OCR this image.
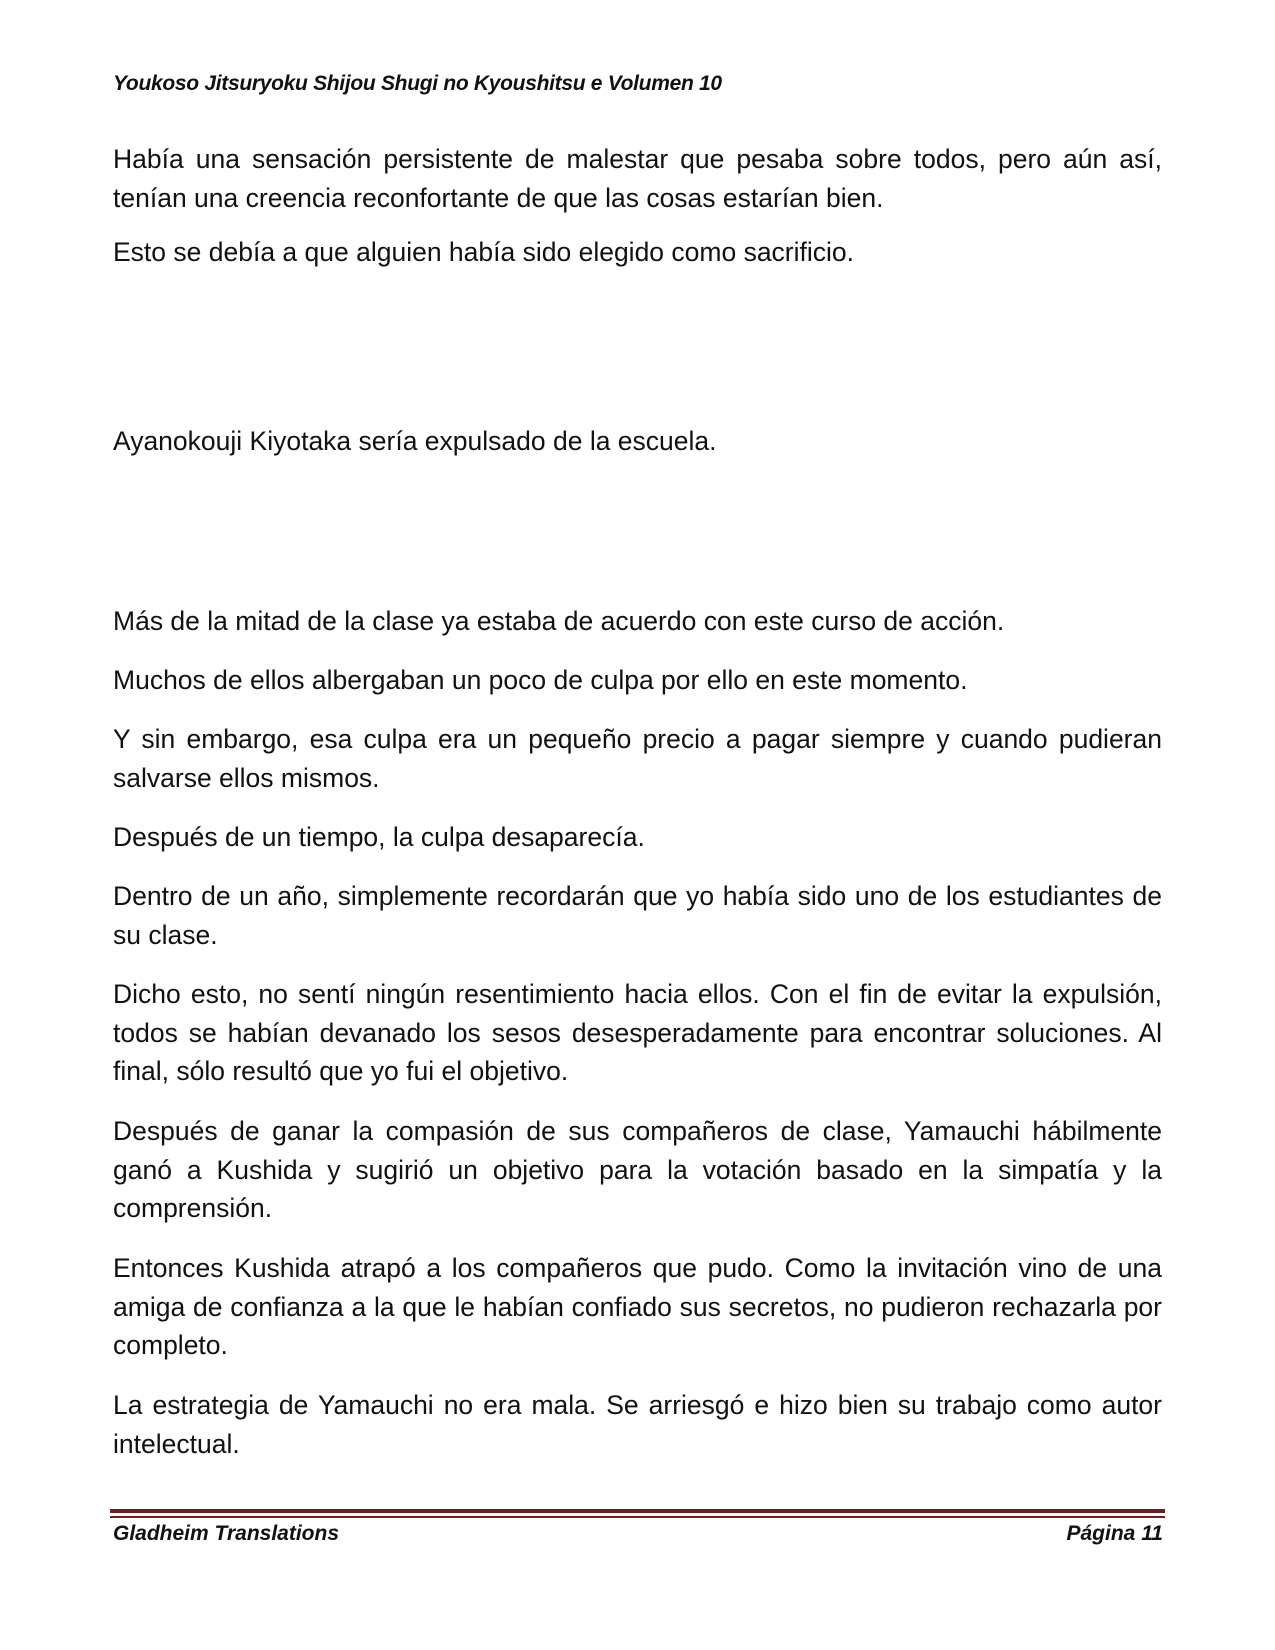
Youkoso Jitsuryoku Shijou Shugi no Kyoushitsu e Volumen 10

Había una sensación persistente de malestar que pesaba sobre todos, pero aún así, tenían una creencia reconfortante de que las cosas estarían bien.

Esto se debía a que alguien había sido elegido como sacrificio.

Ayanokouji Kiyotaka sería expulsado de la escuela.

Más de la mitad de la clase ya estaba de acuerdo con este curso de acción.

Muchos de ellos albergaban un poco de culpa por ello en este momento.

Y sin embargo, esa culpa era un pequeño precio a pagar siempre y cuando pudieran salvarse ellos mismos.

Después de un tiempo, la culpa desaparecía.

Dentro de un año, simplemente recordarán que yo había sido uno de los estudiantes de su clase.

Dicho esto, no sentí ningún resentimiento hacia ellos. Con el fin de evitar la expulsión, todos se habían devanado los sesos desesperadamente para encontrar soluciones. Al final, sólo resultó que yo fui el objetivo.

Después de ganar la compasión de sus compañeros de clase, Yamauchi hábilmente ganó a Kushida y sugirió un objetivo para la votación basado en la simpatía y la comprensión.

Entonces Kushida atrapó a los compañeros que pudo. Como la invitación vino de una amiga de confianza a la que le habían confiado sus secretos, no pudieron rechazarla por completo.

La estrategia de Yamauchi no era mala. Se arriesgó e hizo bien su trabajo como autor intelectual.

Gladheim Translations	Página 11
